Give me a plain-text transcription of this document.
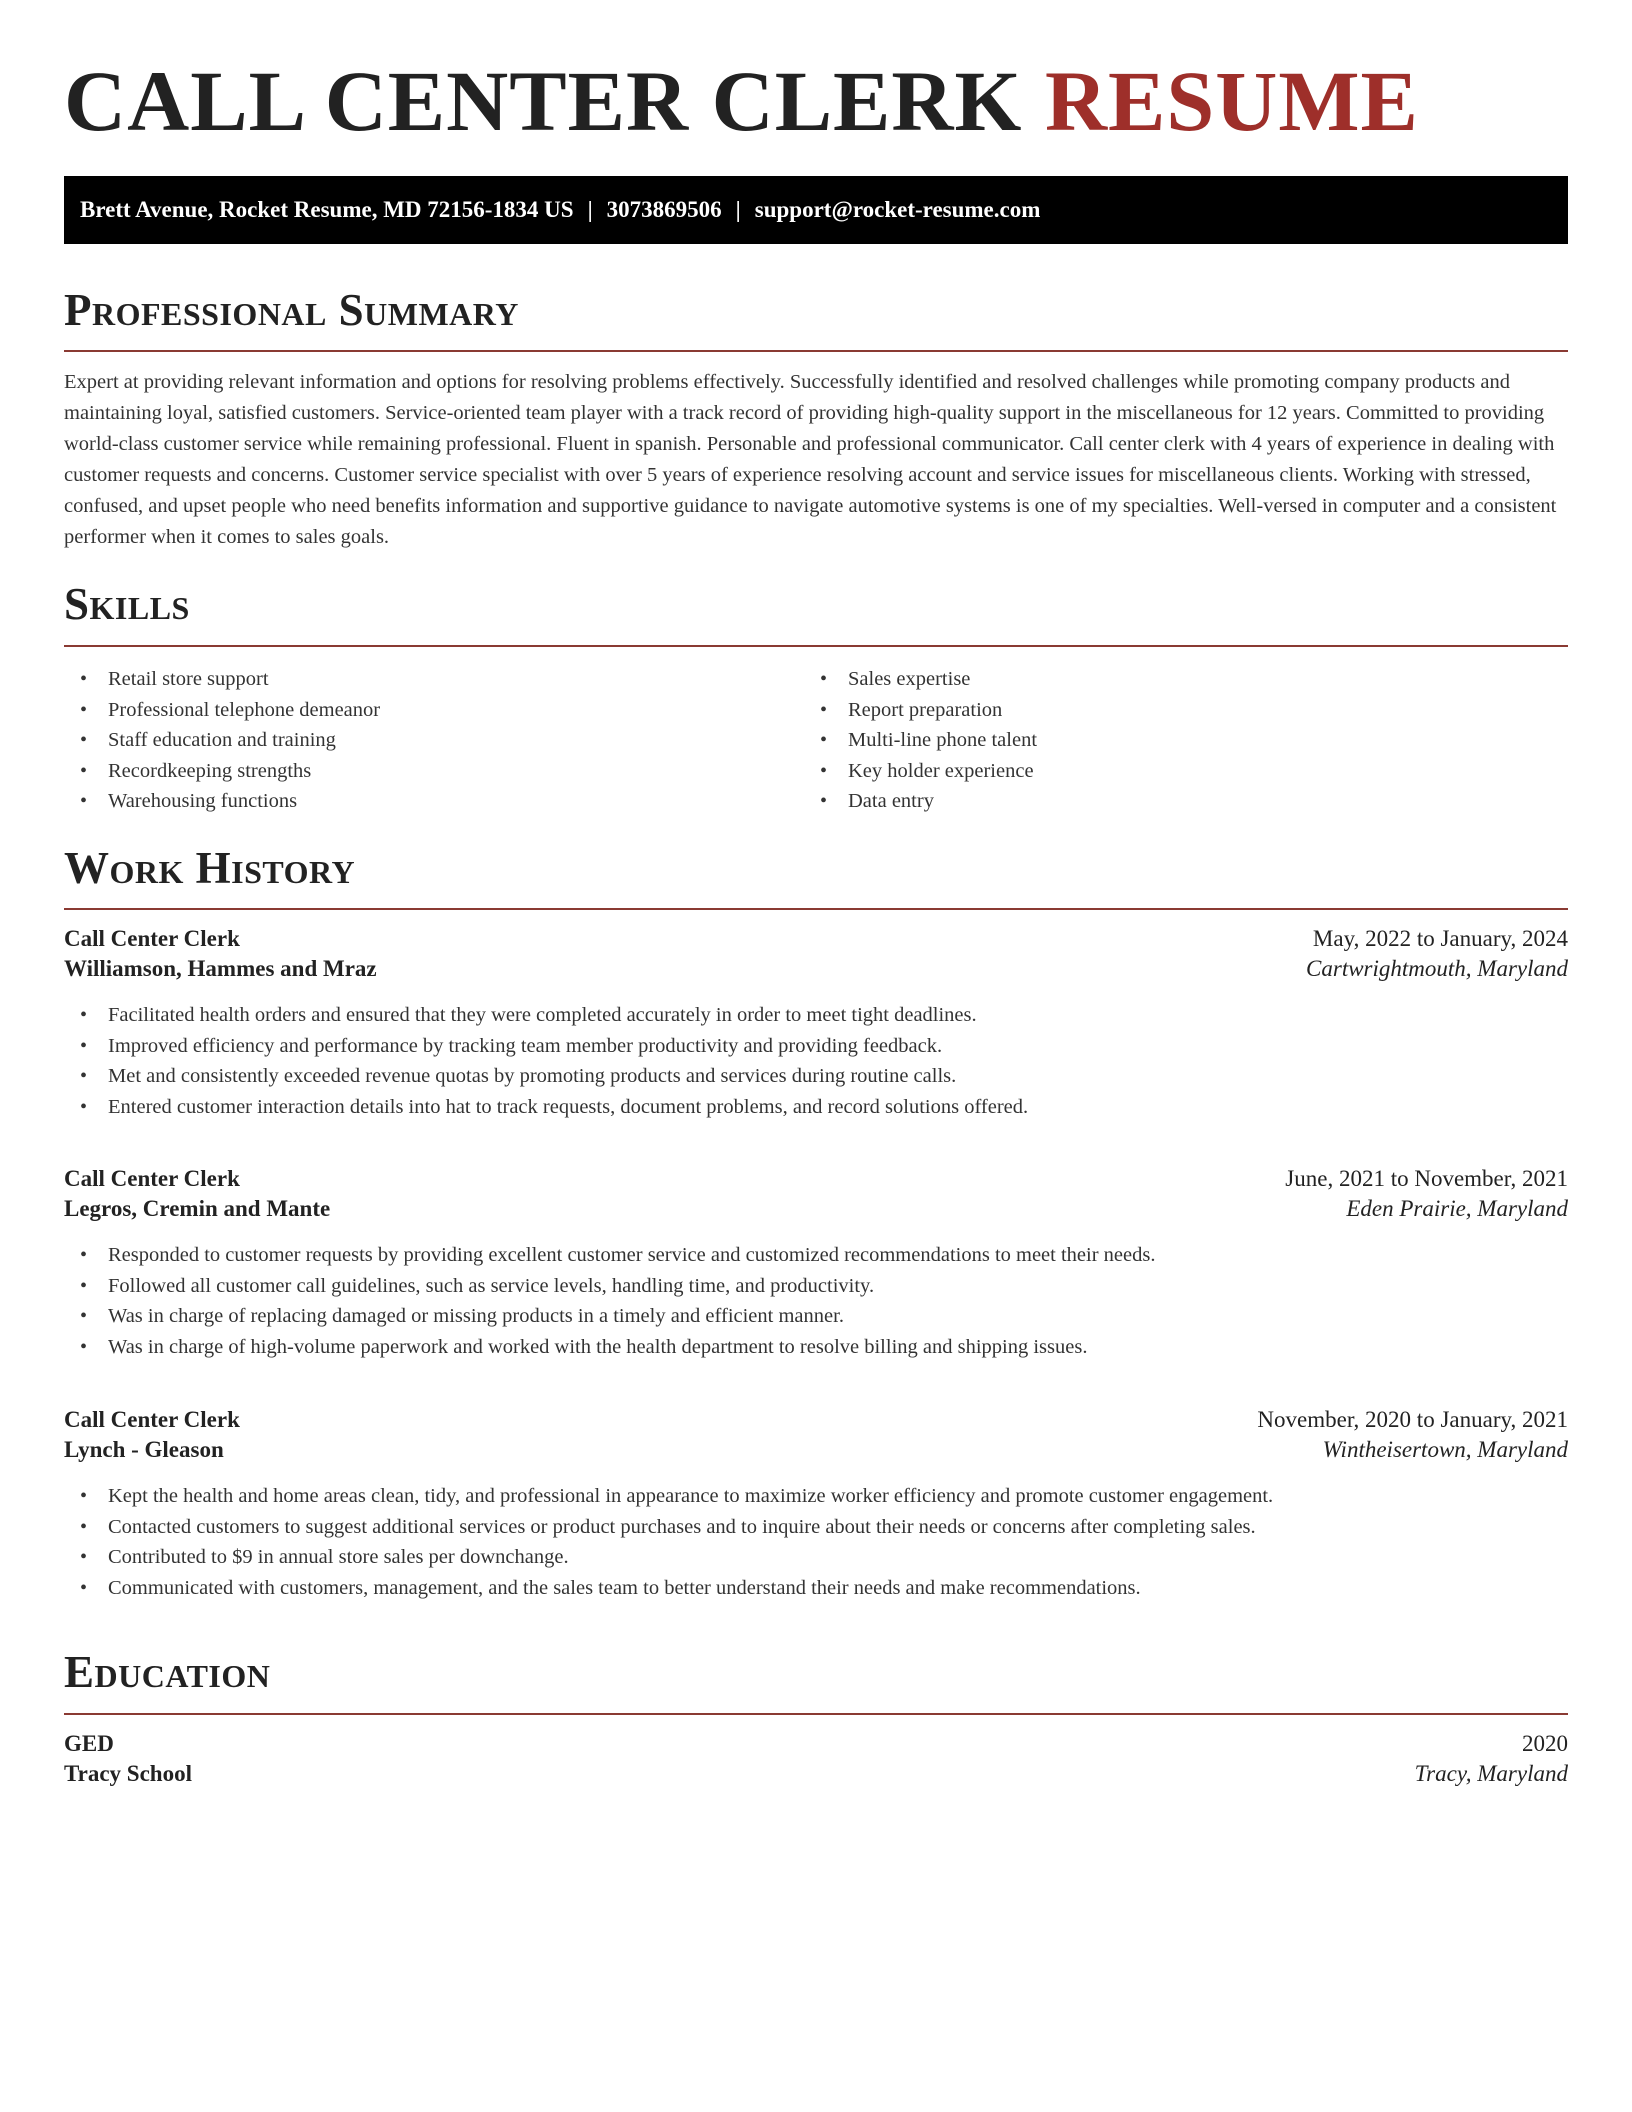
CALL CENTER CLERK RESUME
Brett Avenue, Rocket Resume, MD 72156-1834 US | 3073869506 | support@rocket-resume.com
Professional Summary

Expert at providing relevant information and options for resolving problems effectively. Successfully identified and resolved challenges while promoting company products and maintaining loyal, satisfied customers. Service-oriented team player with a track record of providing high-quality support in the miscellaneous for 12 years. Committed to providing world-class customer service while remaining professional. Fluent in spanish. Personable and professional communicator. Call center clerk with 4 years of experience in dealing with customer requests and concerns. Customer service specialist with over 5 years of experience resolving account and service issues for miscellaneous clients. Working with stressed, confused, and upset people who need benefits information and supportive guidance to navigate automotive systems is one of my specialties. Well-versed in computer and a consistent performer when it comes to sales goals.

Skills
• Retail store support
• Professional telephone demeanor
• Staff education and training
• Recordkeeping strengths
• Warehousing functions
• Sales expertise
• Report preparation
• Multi-line phone talent
• Key holder experience
• Data entry
Work History
Call Center Clerk	May, 2022 to January, 2024
Williamson, Hammes and Mraz	Cartwrightmouth, Maryland
• Facilitated health orders and ensured that they were completed accurately in order to meet tight deadlines.
• Improved efficiency and performance by tracking team member productivity and providing feedback.
• Met and consistently exceeded revenue quotas by promoting products and services during routine calls.
• Entered customer interaction details into hat to track requests, document problems, and record solutions offered.
Call Center Clerk	June, 2021 to November, 2021
Legros, Cremin and Mante	Eden Prairie, Maryland
• Responded to customer requests by providing excellent customer service and customized recommendations to meet their needs.
• Followed all customer call guidelines, such as service levels, handling time, and productivity.
• Was in charge of replacing damaged or missing products in a timely and efficient manner.
• Was in charge of high-volume paperwork and worked with the health department to resolve billing and shipping issues.
Call Center Clerk	November, 2020 to January, 2021
Lynch - Gleason	Wintheisertown, Maryland
• Kept the health and home areas clean, tidy, and professional in appearance to maximize worker efficiency and promote customer engagement.
• Contacted customers to suggest additional services or product purchases and to inquire about their needs or concerns after completing sales.
• Contributed to $9 in annual store sales per downchange.
• Communicated with customers, management, and the sales team to better understand their needs and make recommendations.
Education
GED	2020
Tracy School	Tracy, Maryland
